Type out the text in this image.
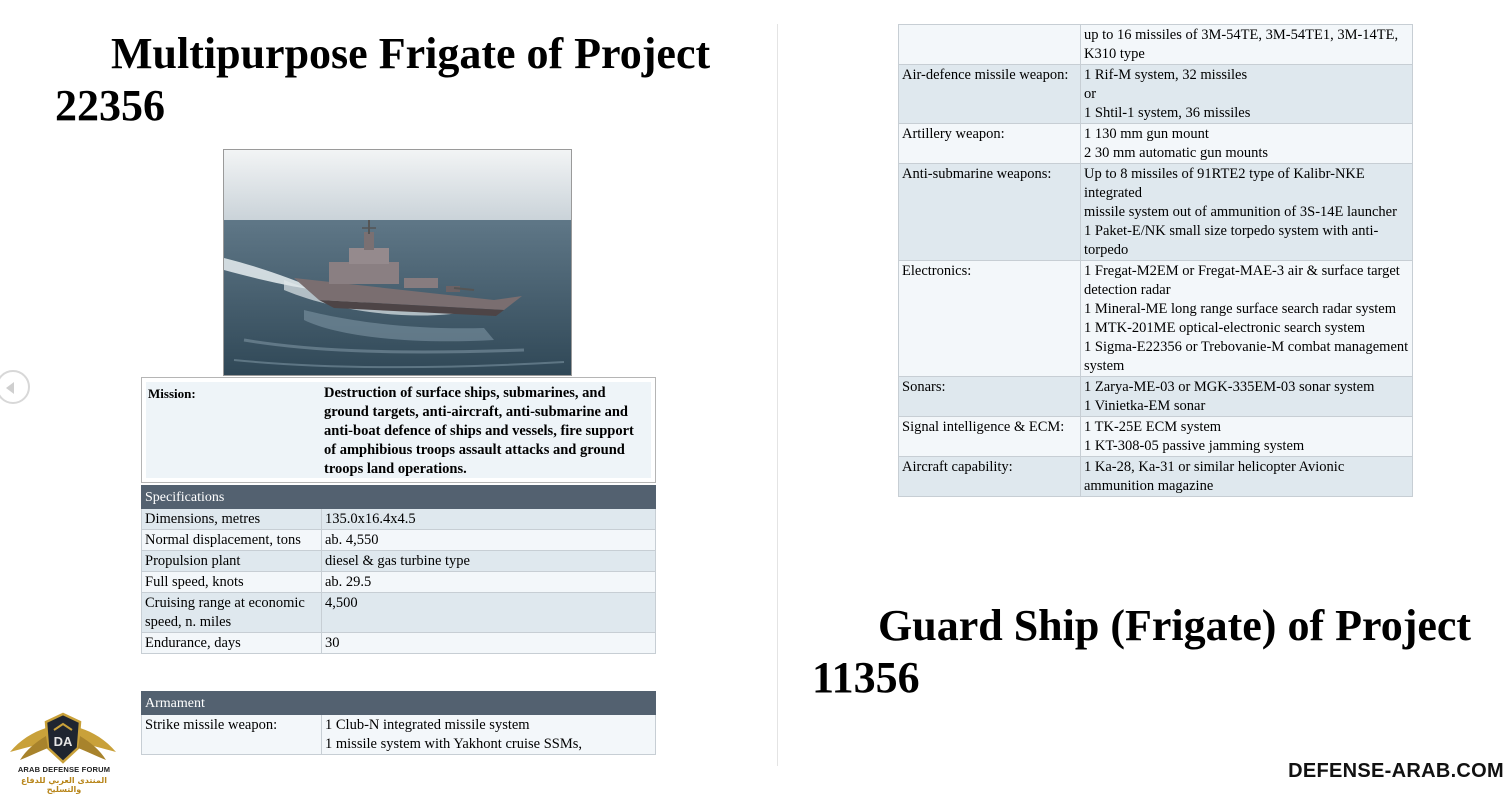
Multipurpose Frigate of Project 22356
Mission:	Destruction of surface ships, submarines, and ground targets, anti-aircraft, anti-submarine and anti-boat defence of ships and vessels, fire support of amphibious troops assault attacks and ground troops land operations.
Specifications	
Dimensions, metres	135.0x16.4x4.5
Normal displacement, tons	ab. 4,550
Propulsion plant	diesel & gas turbine type
Full speed, knots	ab. 29.5
Cruising range at economic speed, n. miles	4,500
Endurance, days	30
Armament
Strike missile weapon:	1 Club-N integrated missile system
1 missile system with Yakhont cruise SSMs,
	up to 16 missiles of 3M-54TE, 3M-54TE1, 3M-14TE, K310 type
Air-defence missile weapon:	1 Rif-M system, 32 missiles
or
1 Shtil-1 system, 36 missiles
Artillery weapon:	1 130 mm gun mount
2 30 mm automatic gun mounts
Anti-submarine weapons:	Up to 8 missiles of 91RTE2 type of Kalibr-NKE integrated
missile system out of ammunition of 3S-14E launcher
1 Paket-E/NK small size torpedo system with anti-torpedo
Electronics:	1 Fregat-M2EM or Fregat-MAE-3 air & surface target detection radar
1 Mineral-ME long range surface search radar system
1 MTK-201ME optical-electronic search system
1 Sigma-E22356 or Trebovanie-M combat management system
Sonars:	1 Zarya-ME-03 or MGK-335EM-03 sonar system
1 Vinietka-EM sonar
Signal intelligence & ECM:	1 TK-25E ECM system
1 KT-308-05 passive jamming system
Aircraft capability:	1 Ka-28, Ka-31 or similar helicopter Avionic ammunition magazine
Guard Ship (Frigate) of Project 11356
DA
ARAB DEFENSE FORUM
المنتدى العربي للدفاع والتسليح
DEFENSE-ARAB.COM
